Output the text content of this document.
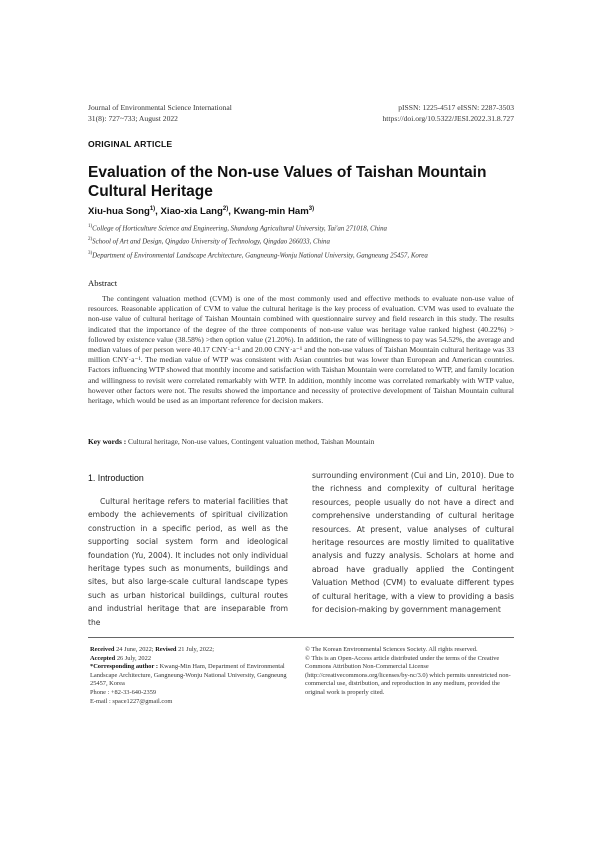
Journal of Environmental Science International
31(8): 727~733; August 2022
pISSN: 1225-4517 eISSN: 2287-3503
https://doi.org/10.5322/JESI.2022.31.8.727
ORIGINAL ARTICLE
Evaluation of the Non-use Values of Taishan Mountain Cultural Heritage
Xiu-hua Song$^{1)}$, Xiao-xia Lang$^{2)}$, Kwang-min Ham$^{3)}$
$^{1)}$College of Horticulture Science and Engineering, Shandong Agricultural University, Tai'an 271018, China
$^{2)}$School of Art and Design, Qingdao University of Technology, Qingdao 266033, China
$^{3)}$Department of Environmental Landscape Architecture, Gangneung-Wonju National University, Gangneung 25457, Korea
Abstract

The contingent valuation method (CVM) is one of the most commonly used and effective methods to evaluate non-use value of resources. Reasonable application of CVM to value the cultural heritage is the key process of evaluation. CVM was used to evaluate the non-use value of cultural heritage of Taishan Mountain combined with questionnaire survey and field research in this study. The results indicated that the importance of the degree of the three components of non-use value was heritage value ranked highest (40.22%) > followed by existence value (38.58%) >then option value (21.20%). In addition, the rate of willingness to pay was 54.52%, the average and median values of per person were 40.17 CNY·a⁻¹ and 20.00 CNY·a⁻¹ and the non-use values of Taishan Mountain cultural heritage was 33 million CNY·a⁻¹. The median value of WTP was consistent with Asian countries but was lower than European and American countries. Factors influencing WTP showed that monthly income and satisfaction with Taishan Mountain were correlated to WTP, and family location and willingness to revisit were correlated remarkably with WTP. In addition, monthly income was correlated remarkably with WTP value, however other factors were not. The results showed the importance and necessity of protective development of Taishan Mountain cultural heritage, which would be used as an important reference for decision makers.

Key words : Cultural heritage, Non-use values, Contingent valuation method, Taishan Mountain
1. Introduction

Cultural heritage refers to material facilities that embody the achievements of spiritual civilization construction in a specific period, as well as the supporting social system form and ideological foundation (Yu, 2004). It includes not only individual heritage types such as monuments, buildings and sites, but also large-scale cultural landscape types such as urban historical buildings, cultural routes and industrial heritage that are inseparable from the

surrounding environment (Cui and Lin, 2010). Due to the richness and complexity of cultural heritage resources, people usually do not have a direct and comprehensive understanding of cultural heritage resources. At present, value analyses of cultural heritage resources are mostly limited to qualitative analysis and fuzzy analysis. Scholars at home and abroad have gradually applied the Contingent Valuation Method (CVM) to evaluate different types of cultural heritage, with a view to providing a basis for decision-making by government management

Received 24 June, 2022; Revised 21 July, 2022;
Accepted 26 July, 2022
*Corresponding author : Kwang-Min Ham, Department of Environmental Landscape Architecture, Gangneung-Wonju National University, Gangneung 25457, Korea
Phone : +82-33-640-2359
E-mail : space1227@gmail.com
© The Korean Environmental Sciences Society. All rights reserved.
© This is an Open-Access article distributed under the terms of the Creative Commons Attribution Non-Commercial License (http://creativecommons.org/licenses/by-nc/3.0) which permits unrestricted non-commercial use, distribution, and reproduction in any medium, provided the original work is properly cited.
